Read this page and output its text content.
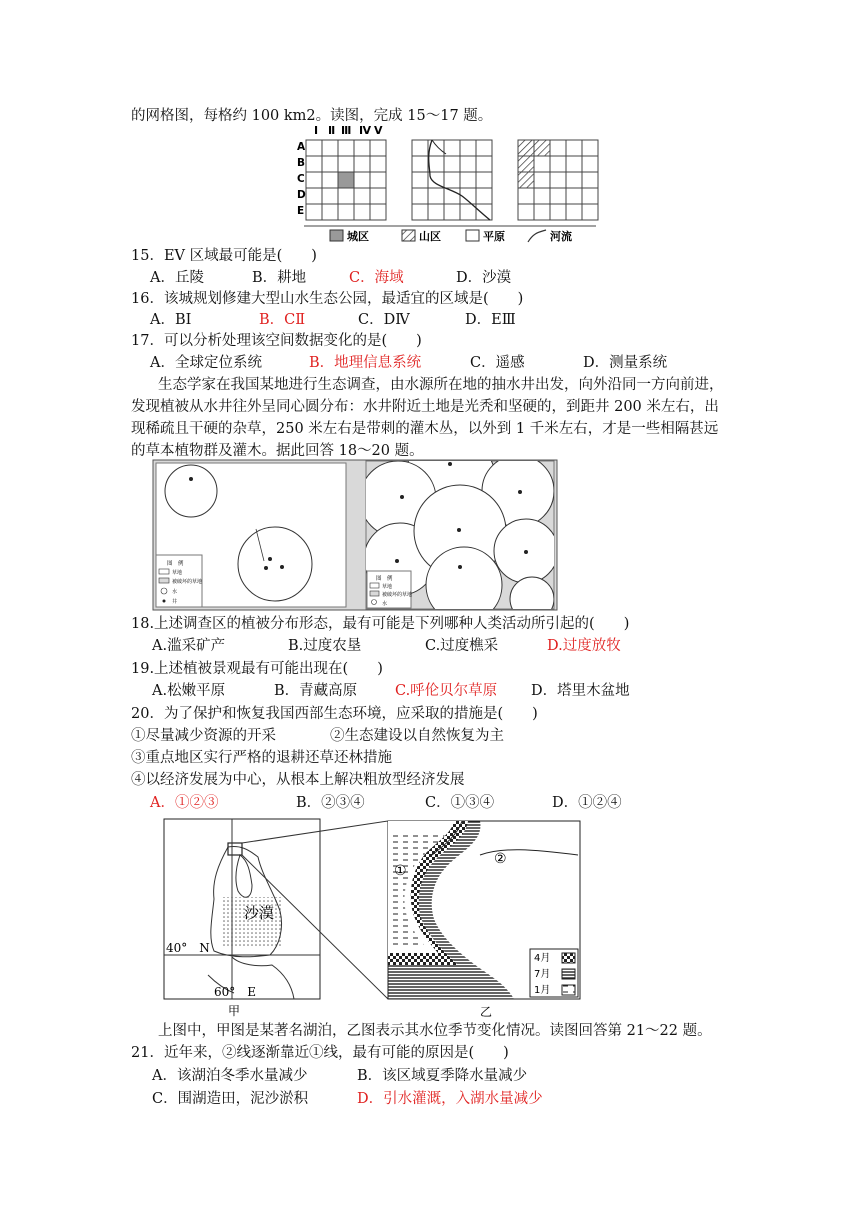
的网格图，每格约 100 km2。读图，完成 15～17 题。
Ⅰ Ⅱ Ⅲ Ⅳ Ⅴ
A
B
C
D
E
城区	山区	平原	河流
15．EV 区域最可能是(　　)
A．丘陵	B．耕地	C．海域	D．沙漠
16．该城规划修建大型山水生态公园，最适宜的区域是(　　)
A．BⅠ	B．CⅡ	C．DⅣ	D．EⅢ
17．可以分析处理该空间数据变化的是(　　)
A．全球定位系统	B．地理信息系统	C．遥感	D．测量系统
生态学家在我国某地进行生态调查，由水源所在地的抽水井出发，向外沿同一方向前进，
发现植被从水井往外呈同心圆分布：水井附近土地是光秃和坚硬的，到距井 200 米左右，出
现稀疏且干硬的杂草，250 米左右是带刺的灌木丛，以外到 1 千米左右，才是一些相隔甚远
的草本植物群及灌木。据此回答 18～20 题。
图　例
草地
被破坏的草地
水
井
图　例
草地
被破坏的草地
水
18.上述调查区的植被分布形态，最有可能是下列哪种人类活动所引起的(　　)
A.滥采矿产	B.过度农垦	C.过度樵采	D.过度放牧
19.上述植被景观最有可能出现在(　　)
A.松嫩平原	B．青藏高原	C.呼伦贝尔草原 D．塔里木盆地
20．为了保护和恢复我国西部生态环境，应采取的措施是(　　)
①尽量减少资源的开采	②生态建设以自然恢复为主
③重点地区实行严格的退耕还草还林措施
④以经济发展为中心，从根本上解决粗放型经济发展
A．①②③	B．②③④	C．①③④	D．①②④
沙漠
40°　N
60°　E
甲
①
②
4月
7月
1月
乙
上图中，甲图是某著名湖泊，乙图表示其水位季节变化情况。读图回答第 21～22 题。
21．近年来，②线逐渐靠近①线，最有可能的原因是(　　)
A．该湖泊冬季水量减少	B．该区域夏季降水量减少
C．围湖造田，泥沙淤积	D．引水灌溉，入湖水量减少
